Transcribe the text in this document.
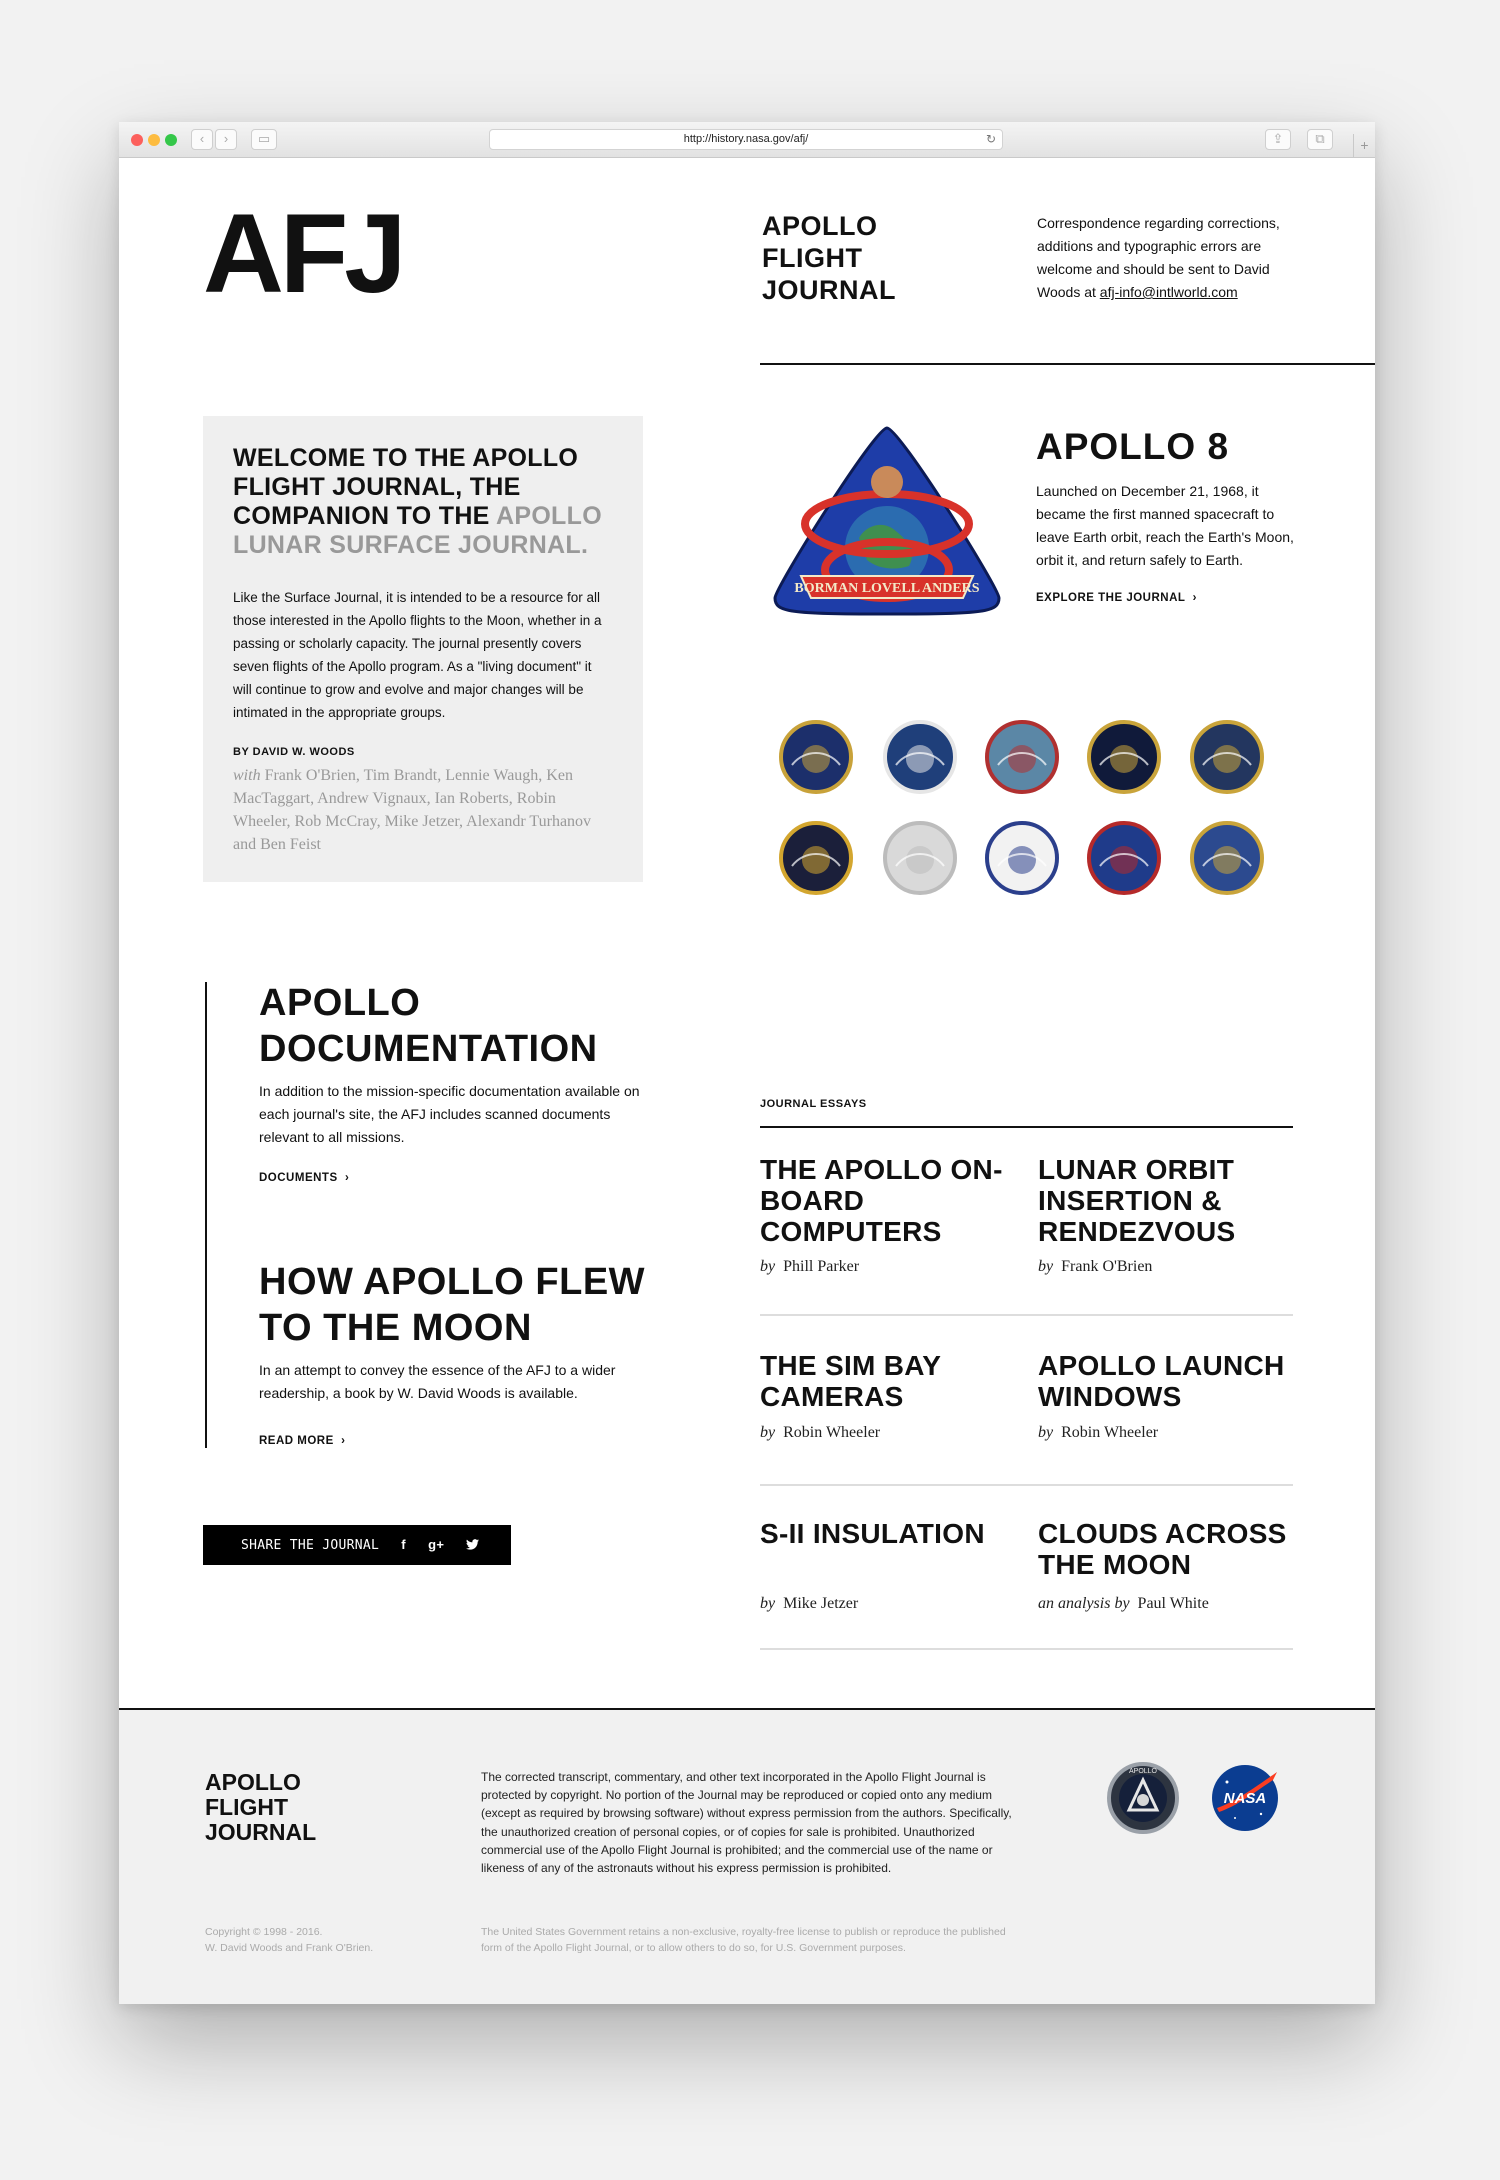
‹	›	▭	http://history.nasa.gov/afj/	↻	⇪	⧉	+
AFJ	APOLLO
FLIGHT
JOURNAL
Correspondence regarding corrections, additions and typographic errors are welcome and should be sent to David Woods at afj-info@intlworld.com
WELCOME TO THE APOLLO FLIGHT JOURNAL, THE COMPANION TO THE APOLLO LUNAR SURFACE JOURNAL.

Like the Surface Journal, it is intended to be a resource for all those interested in the Apollo flights to the Moon, whether in a passing or scholarly capacity. The journal presently covers seven flights of the Apollo program. As a "living document" it will continue to grow and evolve and major changes will be intimated in the appropriate groups.

BY DAVID W. WOODS
with Frank O'Brien, Tim Brandt, Lennie Waugh, Ken MacTaggart, Andrew Vignaux, Ian Roberts, Robin Wheeler, Rob McCray, Mike Jetzer, Alexandr Turhanov and Ben Feist
BORMAN LOVELL ANDERS
APOLLO 8
Launched on December 21, 1968, it became the first manned spacecraft to leave Earth orbit, reach the Earth's Moon, orbit it, and return safely to Earth.
EXPLORE THE JOURNAL  ›
APOLLO DOCUMENTATION
In addition to the mission-specific documentation available on each journal's site, the AFJ includes scanned documents relevant to all missions.
DOCUMENTS  ›
HOW APOLLO FLEW TO THE MOON
In an attempt to convey the essence of the AFJ to a wider readership, a book by W. David Woods is available.
READ MORE  ›
SHARE THE JOURNAL f g+
JOURNAL ESSAYS
THE APOLLO ON-BOARD COMPUTERS
by Phill Parker
LUNAR ORBIT INSERTION & RENDEZVOUS
by Frank O'Brien
THE SIM BAY CAMERAS
by Robin Wheeler
APOLLO LAUNCH WINDOWS
by Robin Wheeler
S-II INSULATION
by Mike Jetzer
CLOUDS ACROSS THE MOON
an analysis by Paul White
APOLLO
FLIGHT
JOURNAL
The corrected transcript, commentary, and other text incorporated in the Apollo Flight Journal is protected by copyright. No portion of the Journal may be reproduced or copied onto any medium (except as required by browsing software) without express permission from the authors. Specifically, the unauthorized creation of personal copies, or of copies for sale is prohibited. Unauthorized commercial use of the Apollo Flight Journal is prohibited; and the commercial use of the name or likeness of any of the astronauts without his express permission is prohibited.
Copyright © 1998 - 2016.
W. David Woods and Frank O'Brien.
The United States Government retains a non-exclusive, royalty-free license to publish or reproduce the published form of the Apollo Flight Journal, or to allow others to do so, for U.S. Government purposes.
APOLLO
NASA
